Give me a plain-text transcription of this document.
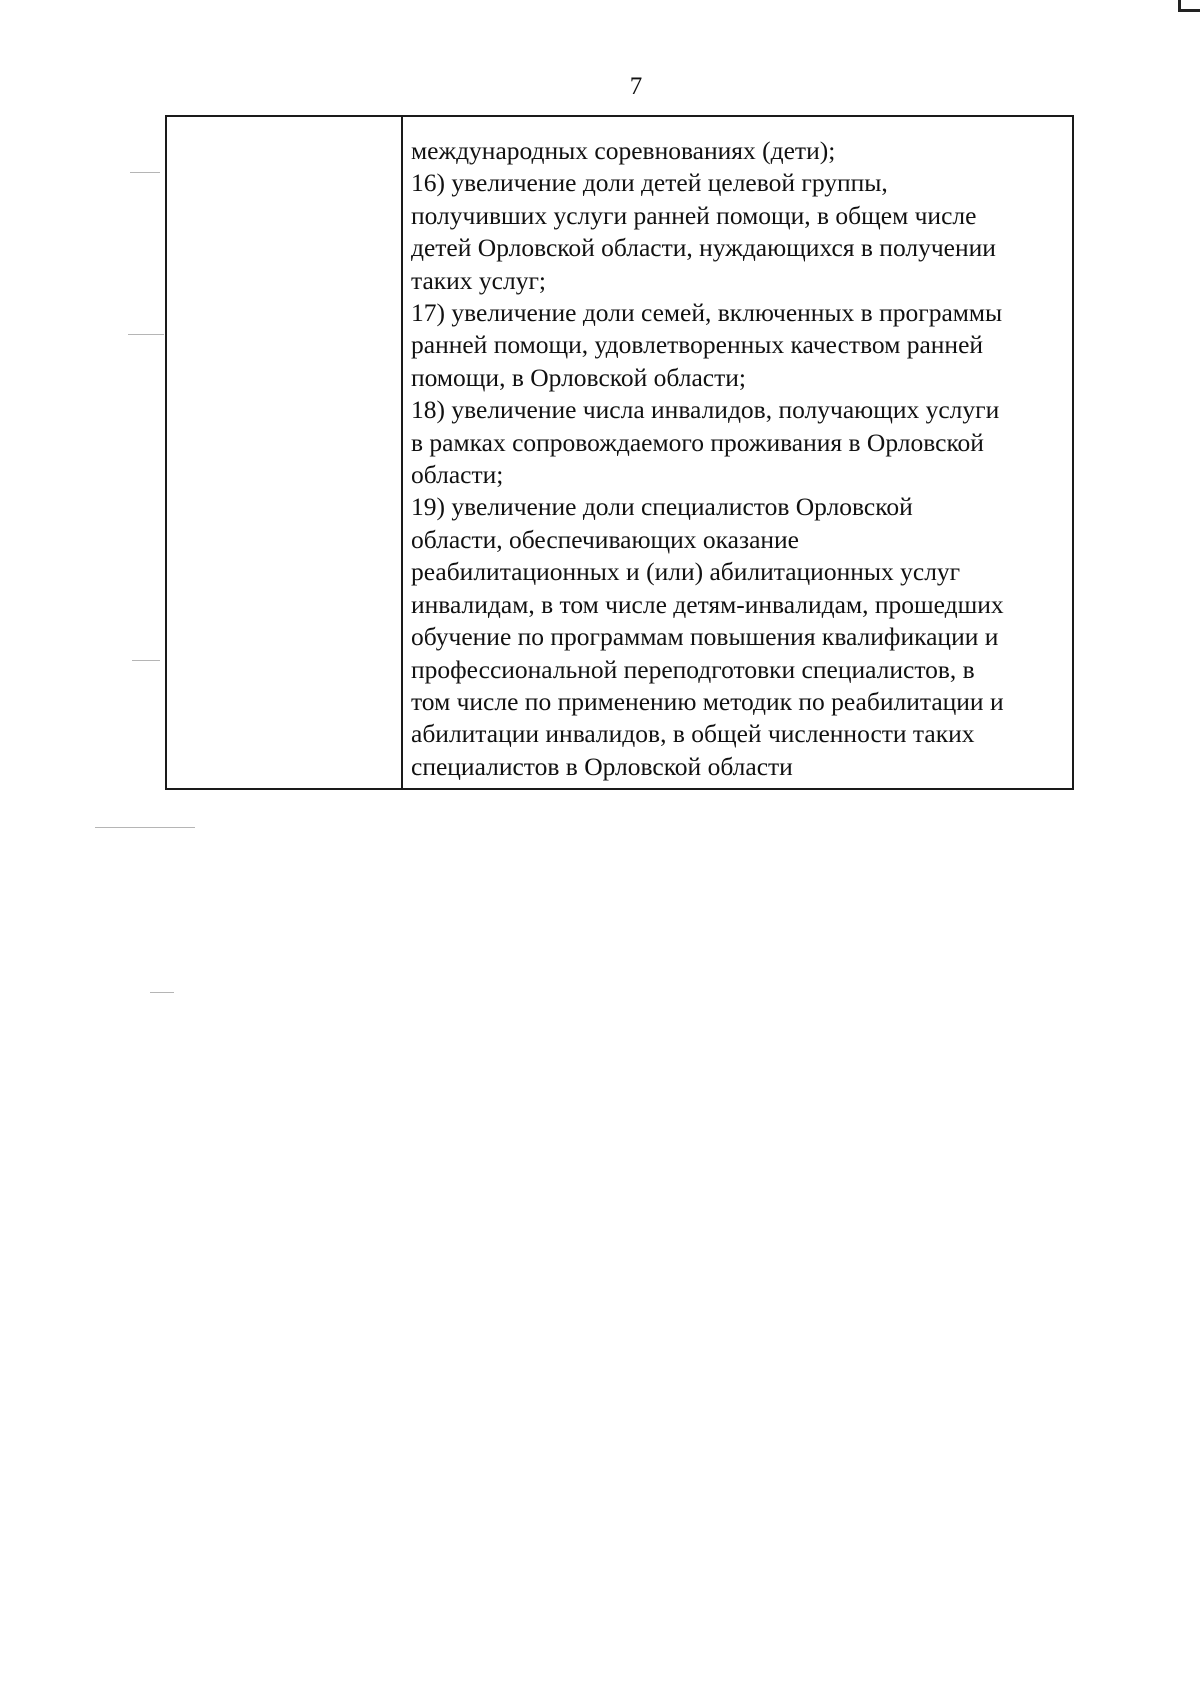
7
международных соревнованиях (дети);
16) увеличение доли детей целевой группы,
получивших услуги ранней помощи, в общем числе
детей Орловской области, нуждающихся в получении
таких услуг;
17) увеличение доли семей, включенных в программы
ранней помощи, удовлетворенных качеством ранней
помощи, в Орловской области;
18) увеличение числа инвалидов, получающих услуги
в рамках сопровождаемого проживания в Орловской
области;
19) увеличение доли специалистов Орловской
области, обеспечивающих оказание
реабилитационных и (или) абилитационных услуг
инвалидам, в том числе детям-инвалидам, прошедших
обучение по программам повышения квалификации и
профессиональной переподготовки специалистов, в
том числе по применению методик по реабилитации и
абилитации инвалидов, в общей численности таких
специалистов в Орловской области
